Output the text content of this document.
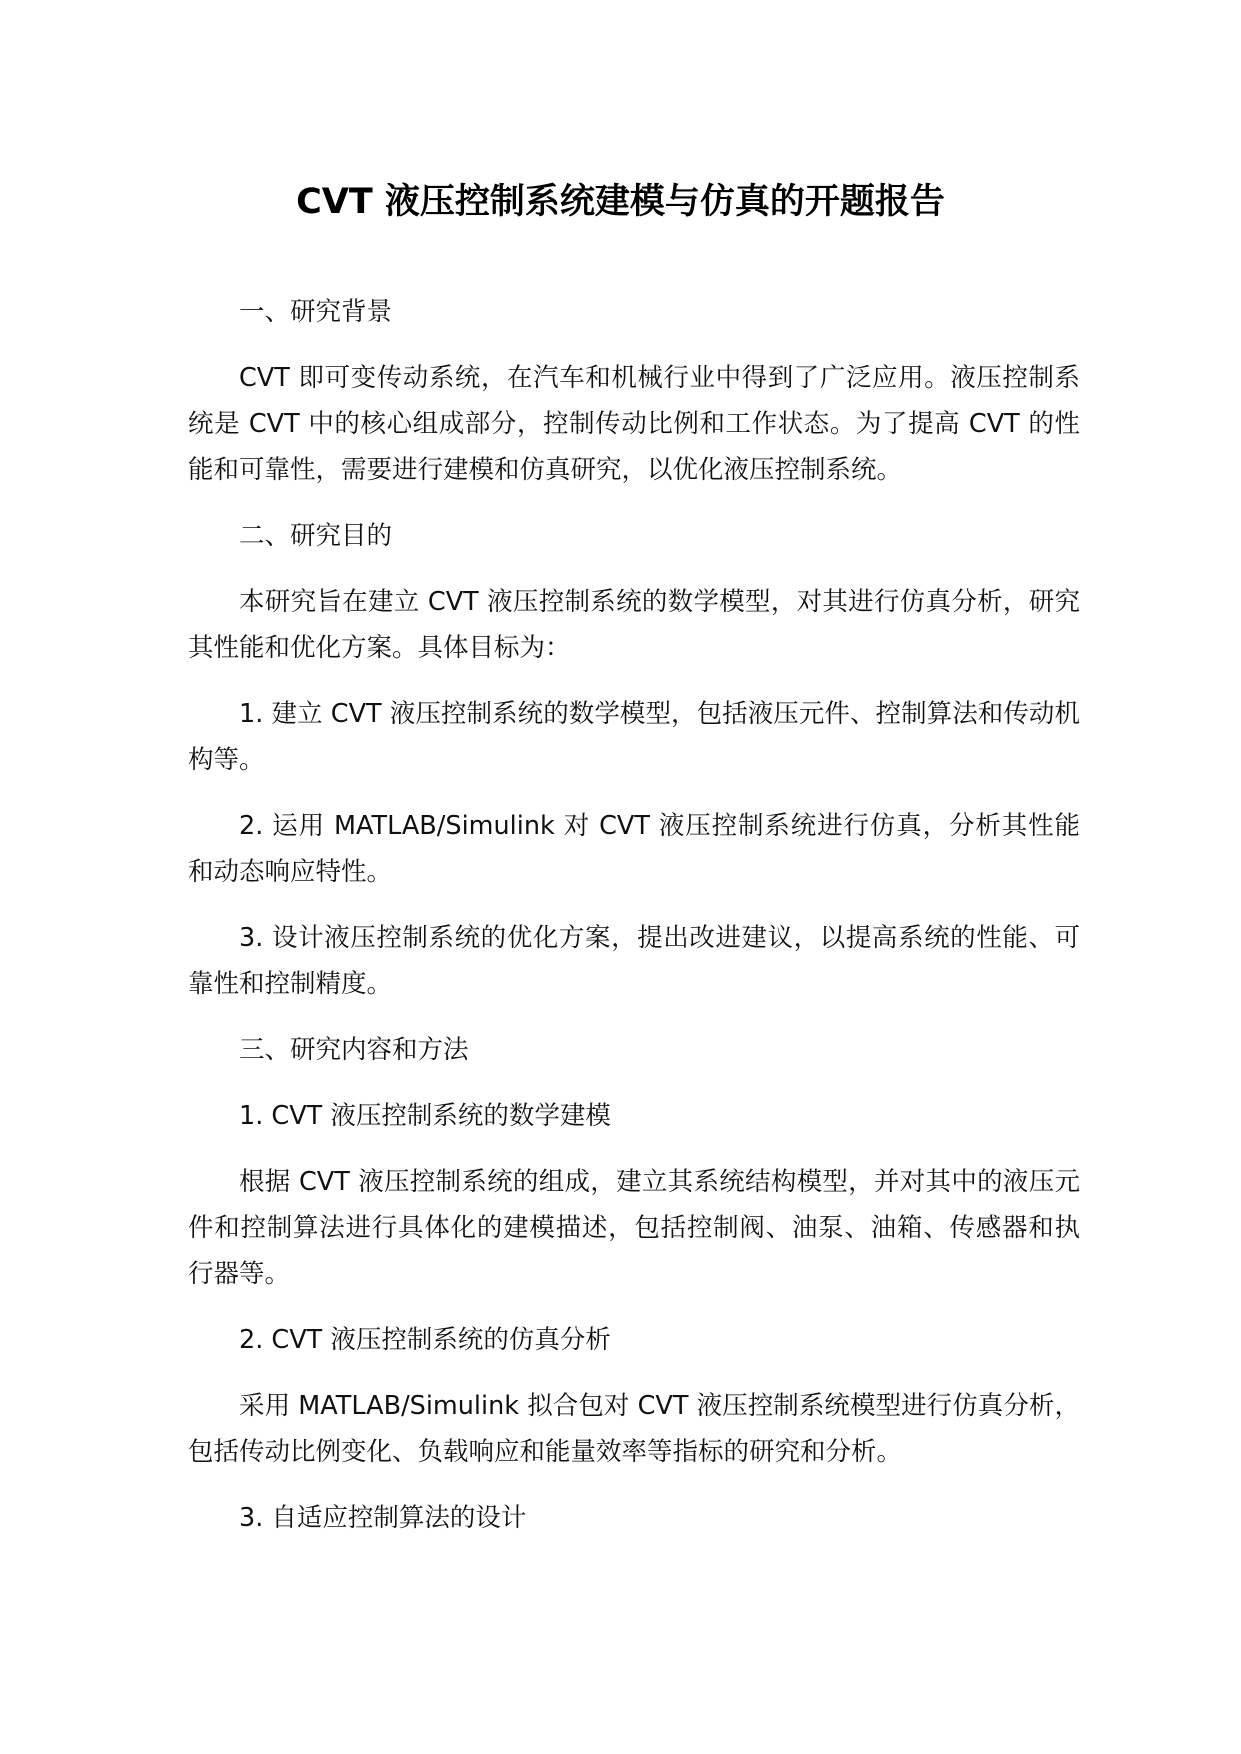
CVT 液压控制系统建模与仿真的开题报告

一、研究背景

CVT 即可变传动系统，在汽车和机械行业中得到了广泛应用。液压控制系统是 CVT 中的核心组成部分，控制传动比例和工作状态。为了提高 CVT 的性能和可靠性，需要进行建模和仿真研究，以优化液压控制系统。

二、研究目的

本研究旨在建立 CVT 液压控制系统的数学模型，对其进行仿真分析，研究其性能和优化方案。具体目标为：

1. 建立 CVT 液压控制系统的数学模型，包括液压元件、控制算法和传动机构等。

2. 运用 MATLAB/Simulink 对 CVT 液压控制系统进行仿真，分析其性能和动态响应特性。

3. 设计液压控制系统的优化方案，提出改进建议，以提高系统的性能、可靠性和控制精度。

三、研究内容和方法

1. CVT 液压控制系统的数学建模

根据 CVT 液压控制系统的组成，建立其系统结构模型，并对其中的液压元件和控制算法进行具体化的建模描述，包括控制阀、油泵、油箱、传感器和执行器等。

2. CVT 液压控制系统的仿真分析

采用 MATLAB/Simulink 拟合包对 CVT 液压控制系统模型进行仿真分析，包括传动比例变化、负载响应和能量效率等指标的研究和分析。

3. 自适应控制算法的设计
